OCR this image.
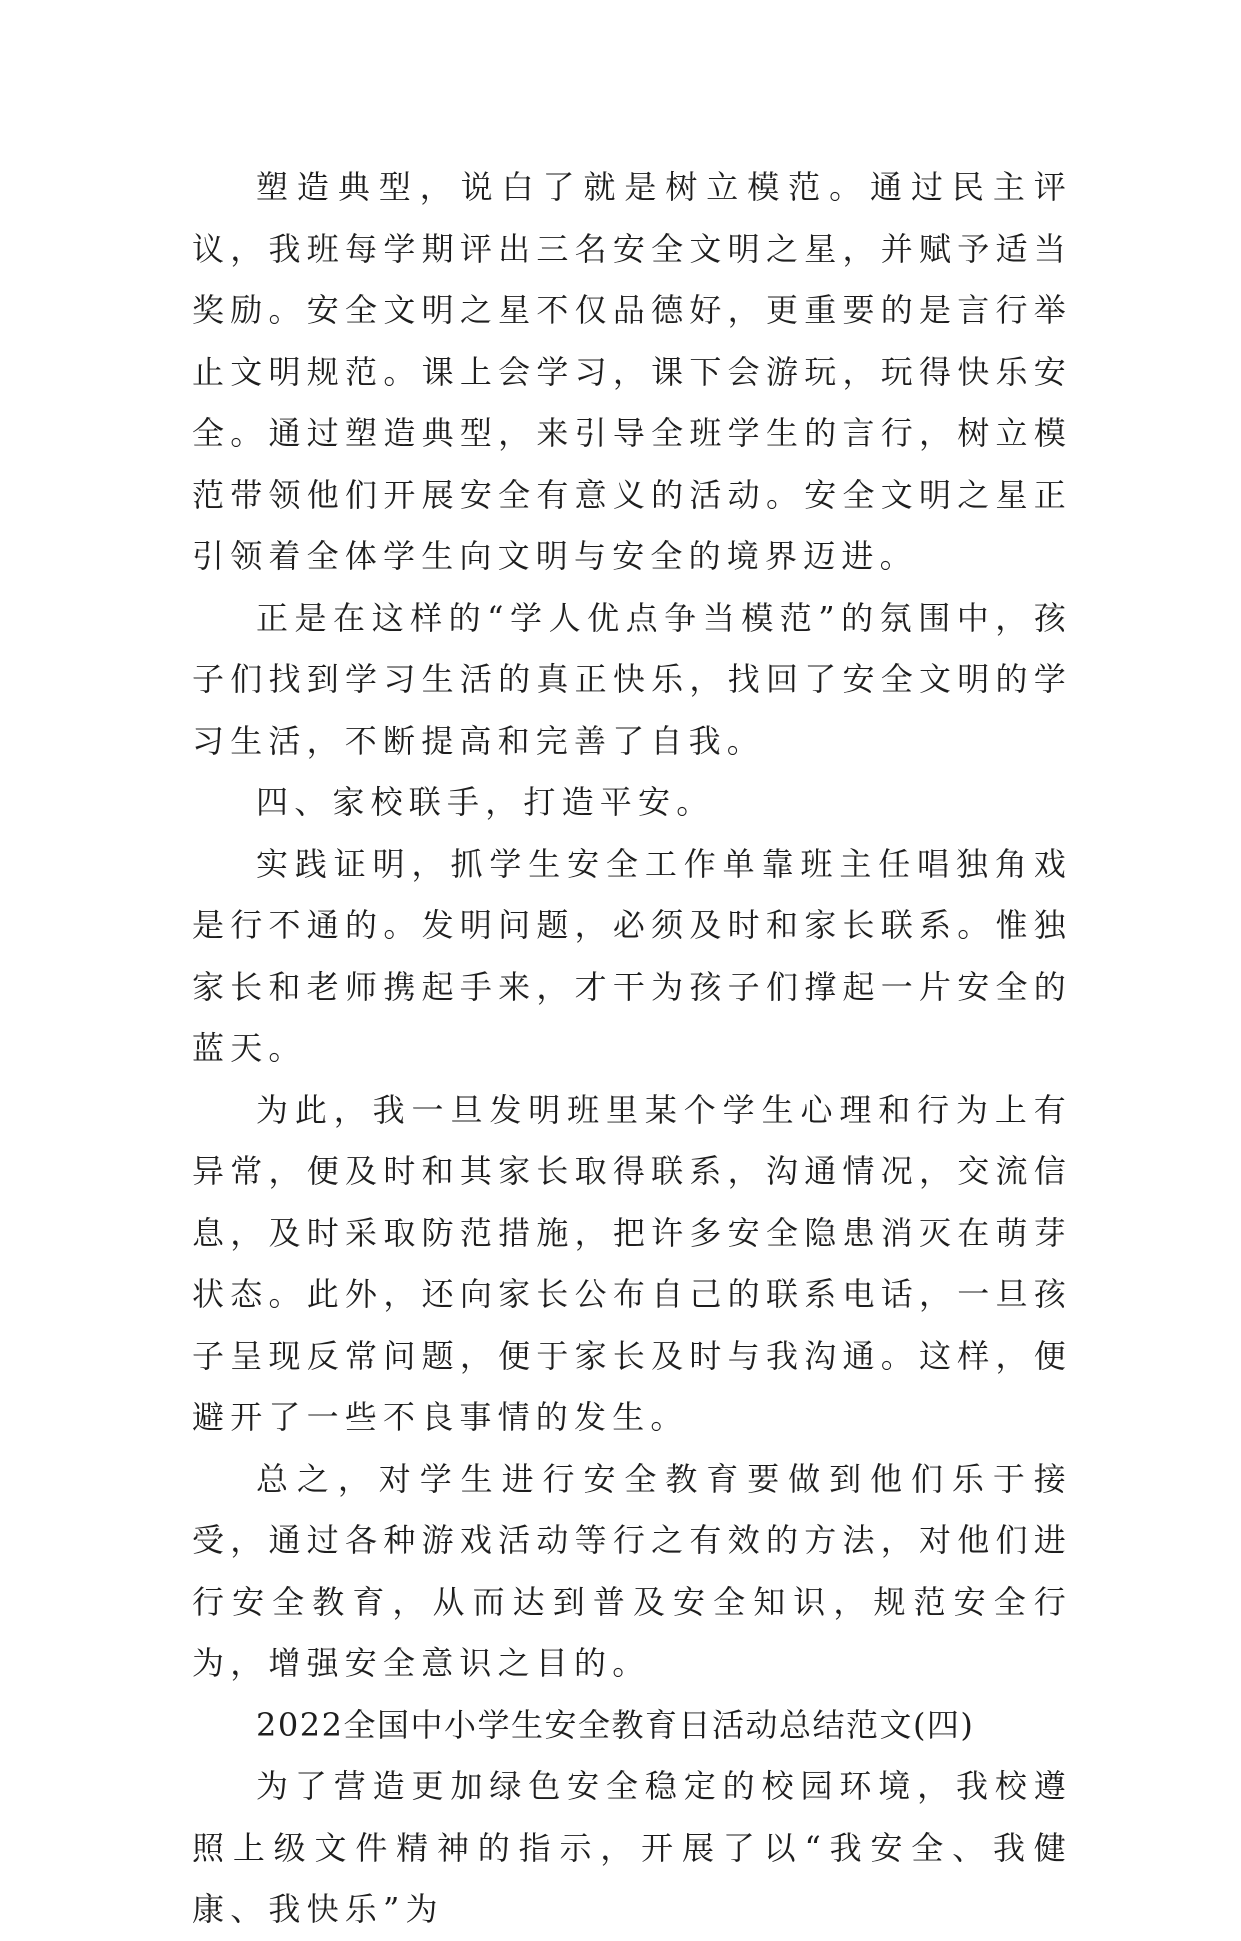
塑造典型，说白了就是树立模范。通过民主评议，我班每学期评出三名安全文明之星，并赋予适当奖励。安全文明之星不仅品德好，更重要的是言行举止文明规范。课上会学习，课下会游玩，玩得快乐安全。通过塑造典型，来引导全班学生的言行，树立模范带领他们开展安全有意义的活动。安全文明之星正引领着全体学生向文明与安全的境界迈进。

正是在这样的“学人优点争当模范”的氛围中，孩子们找到学习生活的真正快乐，找回了安全文明的学习生活，不断提高和完善了自我。

四、家校联手，打造平安。

实践证明，抓学生安全工作单靠班主任唱独角戏是行不通的。发明问题，必须及时和家长联系。惟独家长和老师携起手来，才干为孩子们撑起一片安全的蓝天。

为此，我一旦发明班里某个学生心理和行为上有异常，便及时和其家长取得联系，沟通情况，交流信息，及时采取防范措施，把许多安全隐患消灭在萌芽状态。此外，还向家长公布自己的联系电话，一旦孩子呈现反常问题，便于家长及时与我沟通。这样，便避开了一些不良事情的发生。

总之，对学生进行安全教育要做到他们乐于接受，通过各种游戏活动等行之有效的方法，对他们进行安全教育，从而达到普及安全知识，规范安全行为，增强安全意识之目的。

2022全国中小学生安全教育日活动总结范文(四)

为了营造更加绿色安全稳定的校园环境，我校遵照上级文件精神的指示，开展了以“我安全、我健康、我快乐”为
